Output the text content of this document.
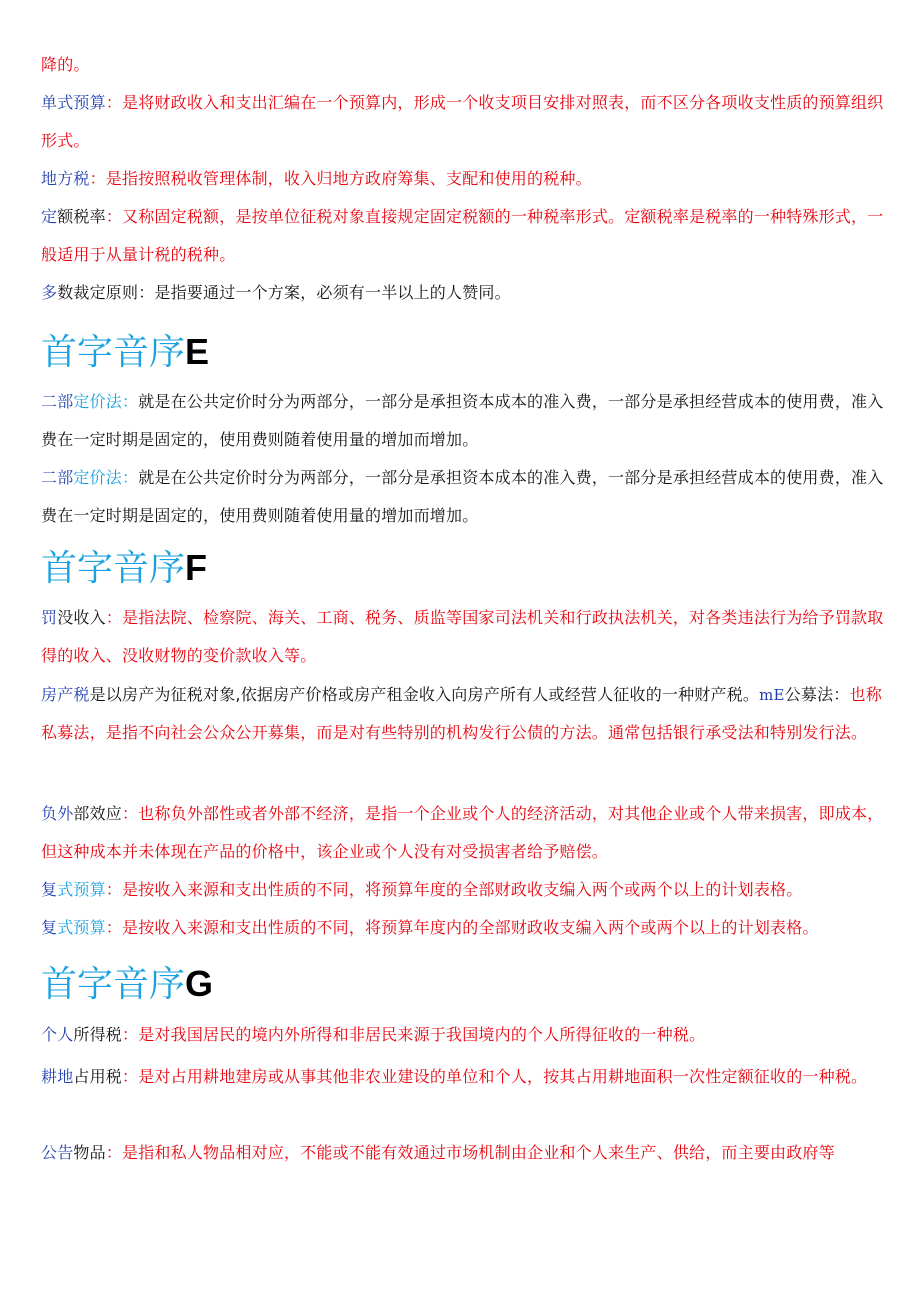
降的。
单式预算：是将财政收入和支出汇编在一个预算内，形成一个收支项目安排对照表，而不区分各项收支性质的预算组织形式。
地方税：是指按照税收管理体制，收入归地方政府筹集、支配和使用的税种。
定额税率：又称固定税额，是按单位征税对象直接规定固定税额的一种税率形式。定额税率是税率的一种特殊形式，一般适用于从量计税的税种。
多数裁定原则：是指要通过一个方案，必须有一半以上的人赞同。
首字音序E
二部定价法：就是在公共定价时分为两部分，一部分是承担资本成本的准入费，一部分是承担经营成本的使用费，准入费在一定时期是固定的，使用费则随着使用量的增加而增加。
二部定价法：就是在公共定价时分为两部分，一部分是承担资本成本的准入费，一部分是承担经营成本的使用费，准入费在一定时期是固定的，使用费则随着使用量的增加而增加。
首字音序F
罚没收入：是指法院、检察院、海关、工商、税务、质监等国家司法机关和行政执法机关，对各类违法行为给予罚款取得的收入、没收财物的变价款收入等。
房产税是以房产为征税对象,依据房产价格或房产租金收入向房产所有人或经营人征收的一种财产税。mE公募法：也称私募法，是指不向社会公众公开募集，而是对有些特别的机构发行公债的方法。通常包括银行承受法和特别发行法。
负外部效应：也称负外部性或者外部不经济，是指一个企业或个人的经济活动，对其他企业或个人带来损害，即成本，但这种成本并未体现在产品的价格中，该企业或个人没有对受损害者给予赔偿。
复式预算：是按收入来源和支出性质的不同，将预算年度的全部财政收支编入两个或两个以上的计划表格。
复式预算：是按收入来源和支出性质的不同，将预算年度内的全部财政收支编入两个或两个以上的计划表格。
首字音序G
个人所得税：是对我国居民的境内外所得和非居民来源于我国境内的个人所得征收的一种税。
耕地占用税：是对占用耕地建房或从事其他非农业建设的单位和个人，按其占用耕地面积一次性定额征收的一种税。
公告物品：是指和私人物品相对应，不能或不能有效通过市场机制由企业和个人来生产、供给，而主要由政府等
